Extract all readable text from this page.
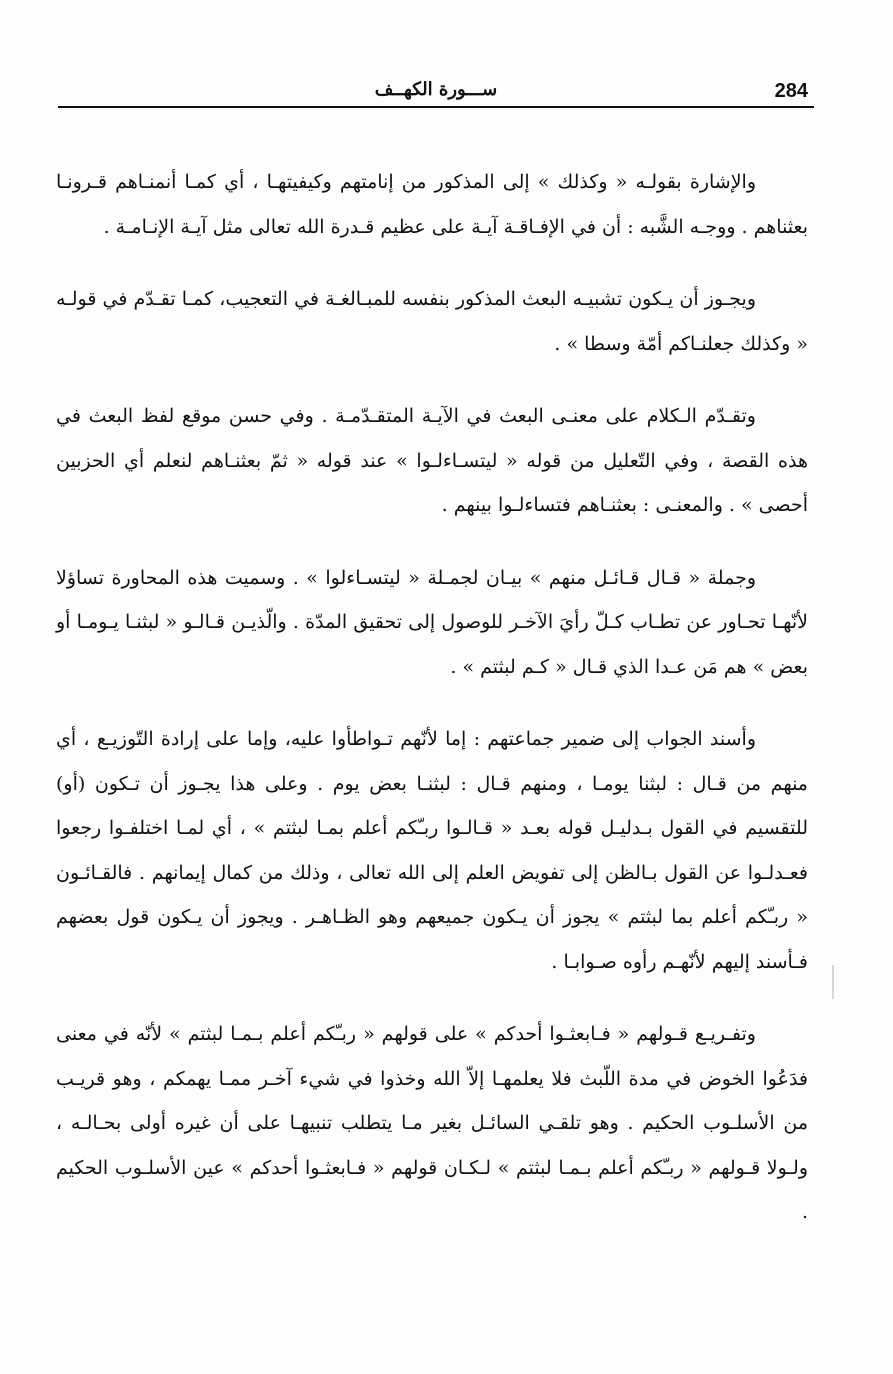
ســـورة الكهــف	284

والإشارة بقولـه « وكذلك » إلى المذكور من إنامتهم وكيفيتهـا ، أي كمـا أنمنـاهم قـرونـا بعثناهم . ووجـه الشَّبه : أن في الإفـاقـة آيـة على عظيم قـدرة الله تعالى مثل آيـة الإنـامـة .

ويجـوز أن يـكون تشبيـه البعث المذكور بنفسه للمبـالغـة في التعجيب، كمـا تقـدّم في قولـه « وكذلك جعلنـاكم أمّة وسطا » .

وتقـدّم الـكلام على معنـى البعث في الآيـة المتقـدّمـة . وفي حسن موقع لفظ البعث في هذه القصة ، وفي التّعليل من قوله « ليتسـاءلـوا » عند قوله « ثمّ بعثنـاهم لنعلم أي الحزبين أحصى » . والمعنـى : بعثنـاهم فتساءلـوا بينهم .

وجملة « قـال قـائـل منهم » بيـان لجمـلة « ليتسـاءلوا » . وسميت هذه المحاورة تساؤلا لأنّهـا تحـاور عن تطـاب كـلّ رأيَ الآخـر للوصول إلى تحقيق المدّة . والّذيـن قـالـو « لبثنـا يـومـا أو بعض » هم مَن عـدا الذي قـال « كـم لبثتم » .

وأسند الجواب إلى ضمير جماعتهم : إما لأنّهم تـواطأوا عليه، وإما على إرادة التّوزيـع ، أي منهم من قـال : لبثنا يومـا ، ومنهم قـال : لبثنـا بعض يوم . وعلى هذا يجـوز أن تـكون (أو) للتقسيم في القول بـدليـل قوله بعـد « قـالـوا ربـّكم أعلم بمـا لبثتم » ، أي لمـا اختلفـوا رجعوا فعـدلـوا عن القول بـالظن إلى تفويض العلم إلى الله تعالى ، وذلك من كمال إيمانهم . فالقـائـون « ربـّكم أعلم بما لبثتم » يجوز أن يـكون جميعهم وهو الظـاهـر . ويجوز أن يـكون قول بعضهم فـأسند إليهم لأنّهـم رأوه صـوابـا .

وتفـريـع قـولهم « فـابعثـوا أحدكم » على قولهم « ربـّكم أعلم بـمـا لبثتم » لأنّه في معنى فدَعُوا الخوض في مدة اللّبث فلا يعلمهـا إلاّ الله وخذوا في شيء آخـر ممـا يهمكم ، وهو قريـب من الأسلـوب الحكيم . وهو تلقـي السائـل بغير مـا يتطلب تنبيهـا على أن غيره أولى بحـالـه ، ولـولا قـولهم « ربـّكم أعلم بـمـا لبثتم » لـكـان قولهم « فـابعثـوا أحدكم » عين الأسلـوب الحكيم .
